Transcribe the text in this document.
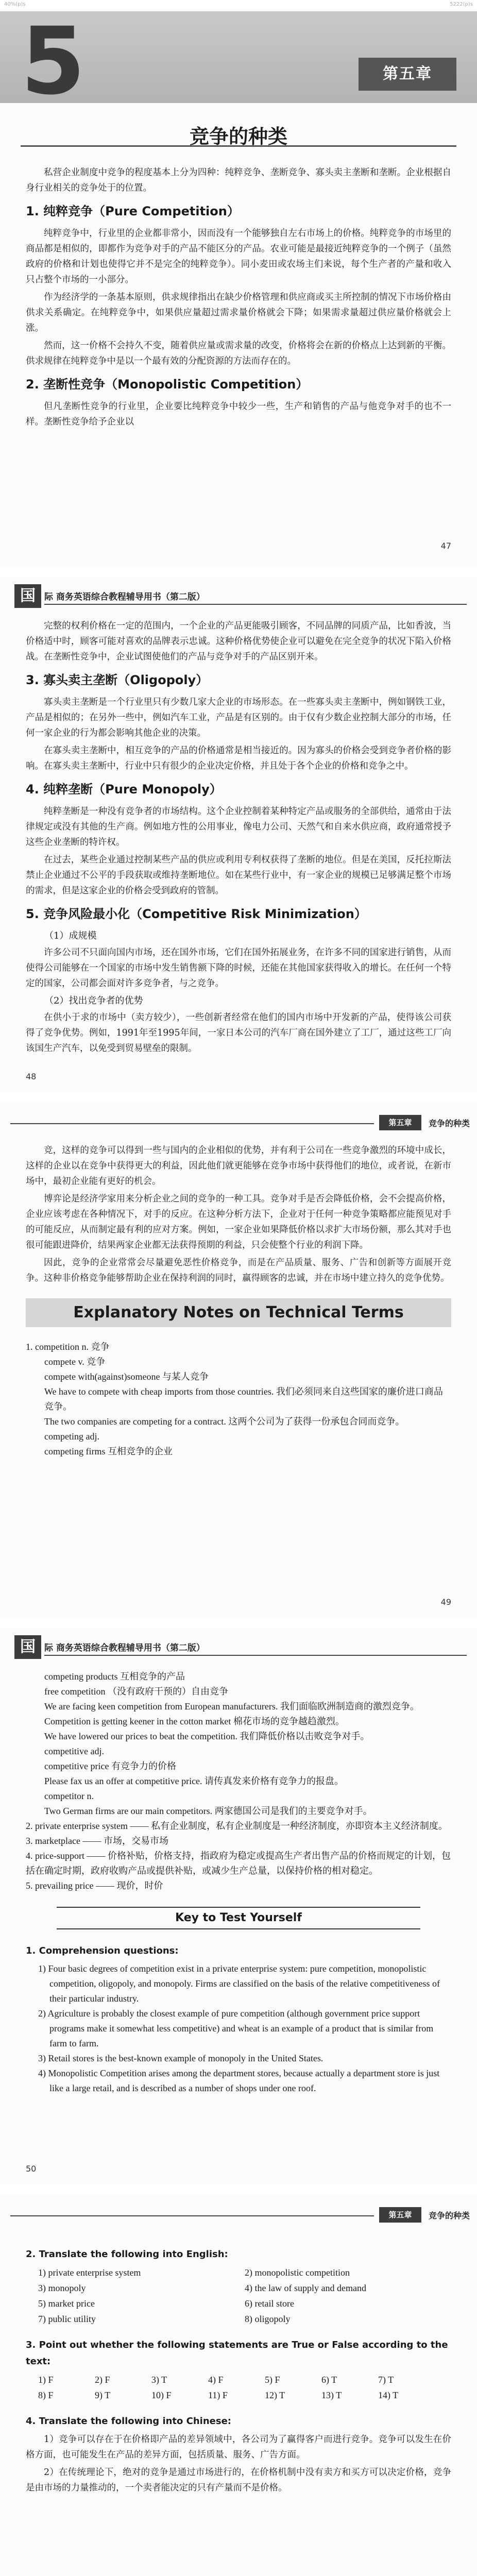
40%(p)s	5222(p)s
5	第五章
竞争的种类

私营企业制度中竞争的程度基本上分为四种：纯粹竞争、垄断竞争、寡头卖主垄断和垄断。企业根据自身行业相关的竞争处于的位置。

1. 纯粹竞争（Pure Competition）

纯粹竞争中，行业里的企业都非常小，因而没有一个能够独自左右市场上的价格。纯粹竞争的市场里的商品都是相似的，即都作为竞争对手的产品不能区分的产品。农业可能是最接近纯粹竞争的一个例子（虽然政府的价格和计划也使得它并不是完全的纯粹竞争）。同小麦田或农场主们来说，每个生产者的产量和收入只占整个市场的一小部分。

作为经济学的一条基本原则，供求规律指出在缺少价格管理和供应商或买主所控制的情况下市场价格由供求关系确定。在纯粹竞争中，如果供应量超过需求量价格就会下降；如果需求量超过供应量价格就会上涨。

然而，这一价格不会持久不变，随着供应量或需求量的改变，价格将会在新的价格点上达到新的平衡。供求规律在纯粹竞争中是以一个最有效的分配资源的方法而存在的。

2. 垄断性竞争（Monopolistic Competition）

但凡垄断性竞争的行业里，企业要比纯粹竞争中较少一些，生产和销售的产品与他竞争对手的也不一样。垄断性竞争给予企业以

47
国	际 商务英语综合教程辅导用书（第二版）

完整的权利价格在一定的范围内，一个企业的产品更能吸引顾客，不同品牌的同质产品，比如香波，当价格适中时，顾客可能对喜欢的品牌表示忠诚。这种价格优势使企业可以避免在完全竞争的状况下陷入价格战。在垄断性竞争中，企业试图使他们的产品与竞争对手的产品区别开来。

3. 寡头卖主垄断（Oligopoly）

寡头卖主垄断是一个行业里只有少数几家大企业的市场形态。在一些寡头卖主垄断中，例如钢铁工业，产品是相似的；在另外一些中，例如汽车工业，产品是有区别的。由于仅有少数企业控制大部分的市场，任何一家企业的行为都会影响其他企业的决策。

在寡头卖主垄断中，相互竞争的产品的价格通常是相当接近的。因为寡头的价格会受到竞争者价格的影响。在寡头卖主垄断中，行业中只有很少的企业决定价格，并且处于各个企业的价格和竞争之中。

4. 纯粹垄断（Pure Monopoly）

纯粹垄断是一种没有竞争者的市场结构。这个企业控制着某种特定产品或服务的全部供给，通常由于法律规定或没有其他的生产商。例如地方性的公用事业，像电力公司、天然气和自来水供应商，政府通常授予这些企业垄断的特许权。

在过去，某些企业通过控制某些产品的供应或利用专利权获得了垄断的地位。但是在美国，反托拉斯法禁止企业通过不公平的手段获取或维持垄断地位。如在某些行业中，有一家企业的规模已足够满足整个市场的需求，但是这家企业的价格会受到政府的管制。

5. 竞争风险最小化（Competitive Risk Minimization）
（1）成规模

许多公司不只面向国内市场，还在国外市场，它们在国外拓展业务，在许多不同的国家进行销售，从而使得公司能够在一个国家的市场中发生销售额下降的时候，还能在其他国家获得收入的增长。在任何一个特定的国家，公司都会面对许多竞争者，与之竞争。

（2）找出竞争者的优势

在供小于求的市场中（卖方较少），一些创新者经常在他们的国内市场中开发新的产品，使得该公司获得了竞争优势。例如，1991年至1995年间，一家日本公司的汽车厂商在国外建立了工厂，通过这些工厂向该国生产汽车，以免受到贸易壁垒的限制。

48
第五章	竞争的种类

竞，这样的竞争可以得到一些与国内的企业相似的优势，并有利于公司在一些竞争激烈的环境中成长，这样的企业以在竞争中获得更大的利益，因此他们就更能够在竞争市场中获得他们的地位，或者说，在新市场中，最初企业能有更好的机会。

博弈论是经济学家用来分析企业之间的竞争的一种工具。竞争对手是否会降低价格，会不会提高价格，企业应该考虑在各种情况下，对手的反应。在这种分析方法下，企业对于任何一种竞争策略都应能预见对手的可能反应，从而制定最有利的应对方案。例如，一家企业如果降低价格以求扩大市场份额，那么其对手也很可能跟进降价，结果两家企业都无法获得预期的利益，只会使整个行业的利润下降。

因此，竞争的企业常常会尽量避免恶性价格竞争，而是在产品质量、服务、广告和创新等方面展开竞争。这种非价格竞争能够帮助企业在保持利润的同时，赢得顾客的忠诚，并在市场中建立持久的竞争优势。

Explanatory Notes on Technical Terms
1. competition n. 竞争
compete v. 竞争
compete with(against)someone 与某人竞争
We have to compete with cheap imports from those countries. 我们必须同来自这些国家的廉价进口商品竞争。
The two companies are competing for a contract. 这两个公司为了获得一份承包合同而竞争。
competing adj.
competing firms 互相竞争的企业
49
国	际 商务英语综合教程辅导用书（第二版）
competing products 互相竞争的产品
free competition （没有政府干预的）自由竞争
We are facing keen competition from European manufacturers. 我们面临欧洲制造商的激烈竞争。
Competition is getting keener in the cotton market 棉花市场的竞争越趋激烈。
We have lowered our prices to beat the competition. 我们降低价格以击败竞争对手。
competitive adj.
competitive price 有竞争力的价格
Please fax us an offer at competitive price. 请传真发来价格有竞争力的报盘。
competitor n.
Two German firms are our main competitors. 两家德国公司是我们的主要竞争对手。
2. private enterprise system —— 私有企业制度，私有企业制度是一种经济制度，亦即资本主义经济制度。
3. marketplace —— 市场，交易市场
4. price-support —— 价格补贴，价格支持，指政府为稳定或提高生产者出售产品的价格而规定的计划，包括在确定时期，政府收购产品或提供补贴，或减少生产总量，以保持价格的相对稳定。
5. prevailing price —— 现价，时价
Key to Test Yourself
1. Comprehension questions:
1) Four basic degrees of competition exist in a private enterprise system: pure competition, monopolistic competition, oligopoly, and monopoly. Firms are classified on the basis of the relative competitiveness of their particular industry.
2) Agriculture is probably the closest example of pure competition (although government price support programs make it somewhat less competitive) and wheat is an example of a product that is similar from farm to farm.
3) Retail stores is the best-known example of monopoly in the United States.
4) Monopolistic Competition arises among the department stores, because actually a department store is just like a large retail, and is described as a number of shops under one roof.
50
第五章	竞争的种类
2. Translate the following into English:
1) private enterprise system	2) monopolistic competition
3) monopoly	4) the law of supply and demand
5) market price	6) retail store
7) public utility	8) oligopoly
3. Point out whether the following statements are True or False according to the text:
1) F	2) F	3) T	4) F	5) F	6) T	7) T
8) F	9) T	10) F	11) F	12) T	13) T	14) T
4. Translate the following into Chinese:

1）竞争可以存在于在价格即产品的差异领域中，各公司为了赢得客户而进行竞争。竞争可以发生在价格方面，也可能发生在产品的差异方面，包括质量、服务、广告方面。

2）在传统理论下，绝对的竞争是通过市场进行的，在价格机制中没有卖方和买方可以决定价格，竞争是由市场的力量推动的，一个卖者能决定的只有产量而不是价格。
